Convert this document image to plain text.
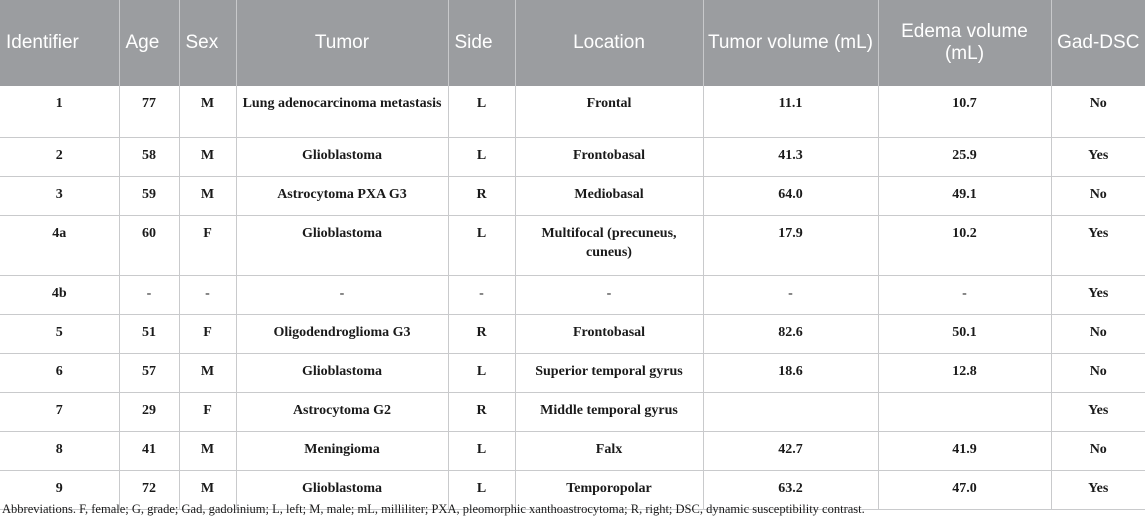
Identifier	Age	Sex	Tumor	Side	Location	Tumor volume (mL)	Edema volume (mL)	Gad-DSC
1	77	M	Lung adenocarcinoma metastasis	L	Frontal	11.1	10.7	No
2	58	M	Glioblastoma	L	Frontobasal	41.3	25.9	Yes
3	59	M	Astrocytoma PXA G3	R	Mediobasal	64.0	49.1	No
4a	60	F	Glioblastoma	L	Multifocal (precuneus, cuneus)	17.9	10.2	Yes
4b	-	-	-	-	-	-	-	Yes
5	51	F	Oligodendroglioma G3	R	Frontobasal	82.6	50.1	No
6	57	M	Glioblastoma	L	Superior temporal gyrus	18.6	12.8	No
7	29	F	Astrocytoma G2	R	Middle temporal gyrus			Yes
8	41	M	Meningioma	L	Falx	42.7	41.9	No
9	72	M	Glioblastoma	L	Temporopolar	63.2	47.0	Yes
Abbreviations. F, female; G, grade; Gad, gadolinium; L, left; M, male; mL, milliliter; PXA, pleomorphic xanthoastrocytoma; R, right; DSC, dynamic susceptibility contrast.
